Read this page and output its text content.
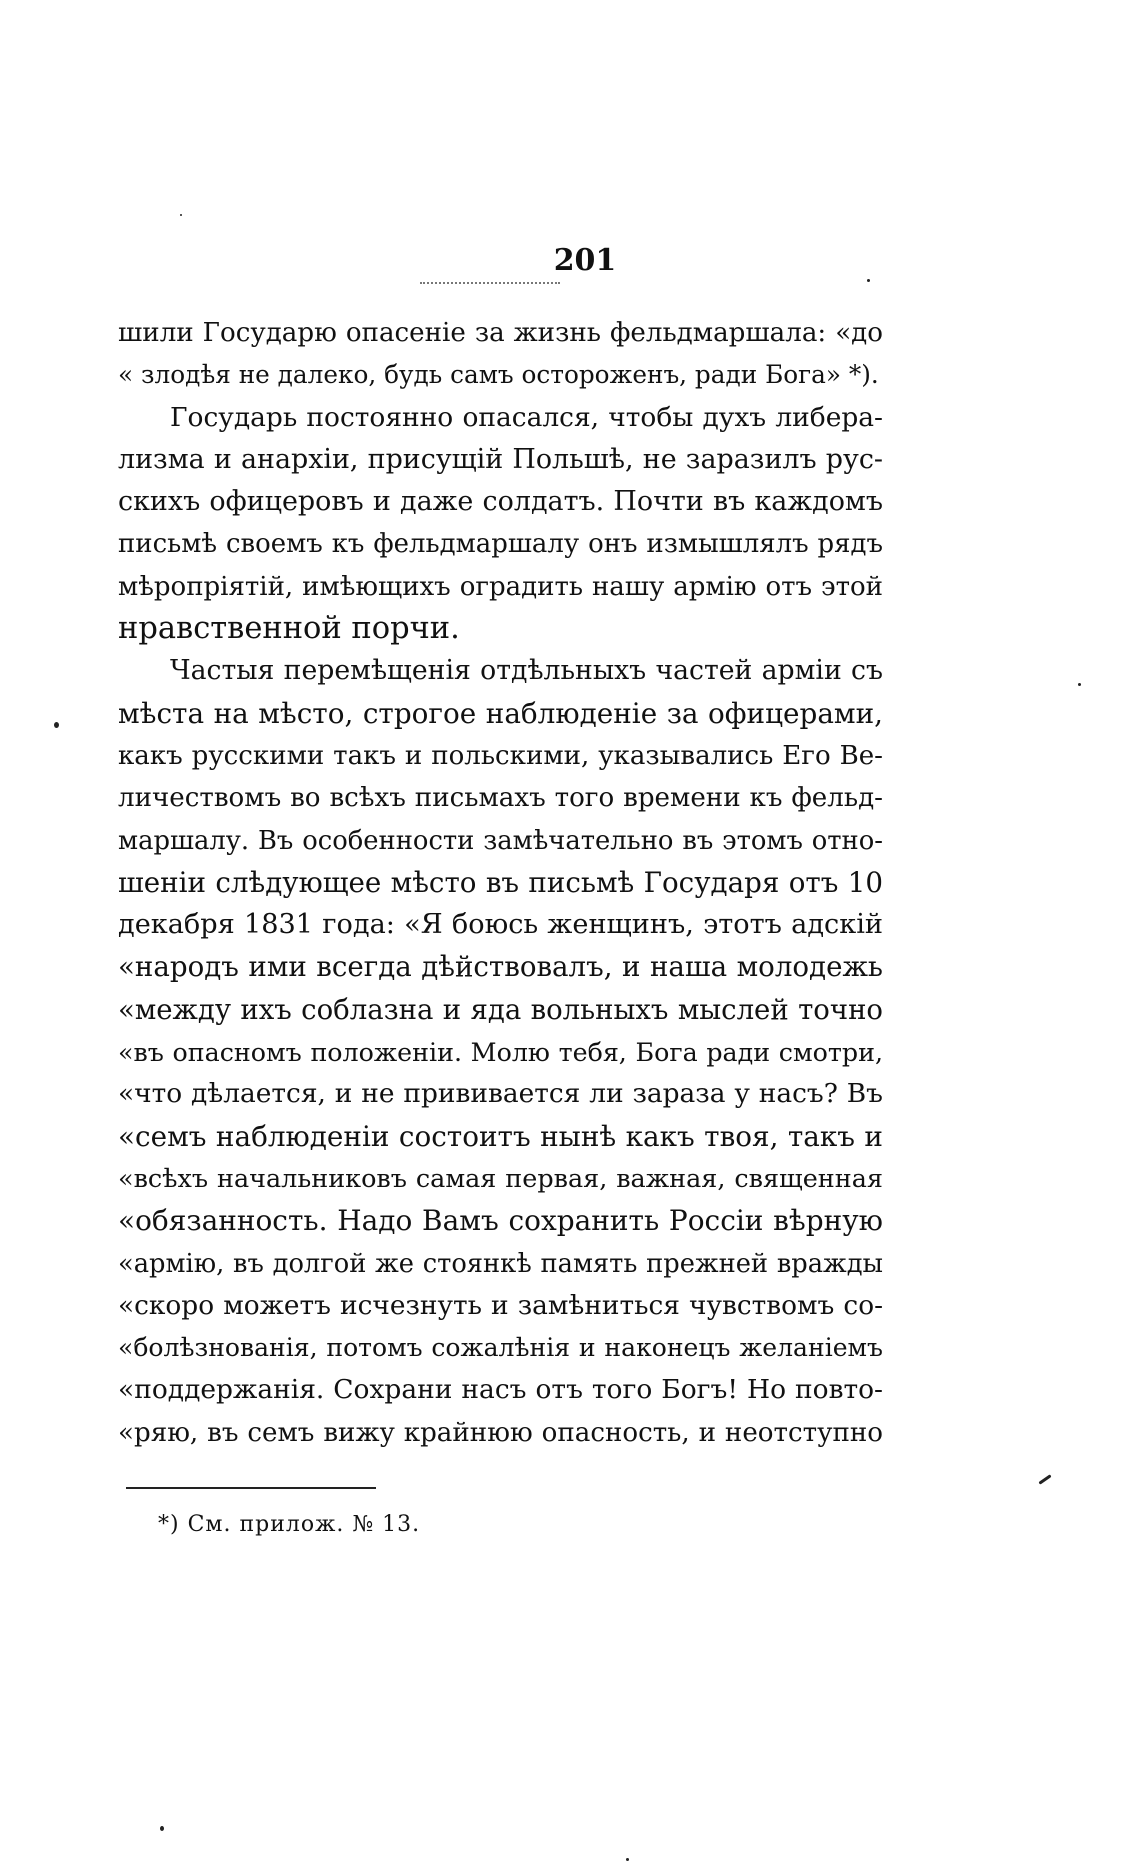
201
шили Государю опасеніе за жизнь фельдмаршала: «до
« злодѣя не далеко, будь самъ остороженъ, ради Бога» *).
Государь постоянно опасался, чтобы духъ либера-
лизма и анархіи, присущій Польшѣ, не заразилъ рус-
скихъ офицеровъ и даже солдатъ. Почти въ каждомъ
письмѣ своемъ къ фельдмаршалу онъ измышлялъ рядъ
мѣропріятій, имѣющихъ оградить нашу армію отъ этой
нравственной порчи.
Частыя перемѣщенія отдѣльныхъ частей арміи съ
мѣста на мѣсто, строгое наблюденіе за офицерами,
какъ русскими такъ и польскими, указывались Его Ве-
личествомъ во всѣхъ письмахъ того времени къ фельд-
маршалу. Въ особенности замѣчательно въ этомъ отно-
шеніи слѣдующее мѣсто въ письмѣ Государя отъ 10
декабря 1831 года: «Я боюсь женщинъ, этотъ адскій
«народъ ими всегда дѣйствовалъ, и наша молодежь
«между ихъ соблазна и яда вольныхъ мыслей точно
«въ опасномъ положеніи. Молю тебя, Бога ради смотри,
«что дѣлается, и не прививается ли зараза у насъ? Въ
«семъ наблюденіи состоитъ нынѣ какъ твоя, такъ и
«всѣхъ начальниковъ самая первая, важная, священная
«обязанность. Надо Вамъ сохранить Россіи вѣрную
«армію, въ долгой же стоянкѣ память прежней вражды
«скоро можетъ исчезнуть и замѣниться чувствомъ со-
«болѣзнованія, потомъ сожалѣнія и наконецъ желаніемъ
«поддержанія. Сохрани насъ отъ того Богъ! Но повто-
«ряю, въ семъ вижу крайнюю опасность, и неотступно
*) См. прилож. № 13.
